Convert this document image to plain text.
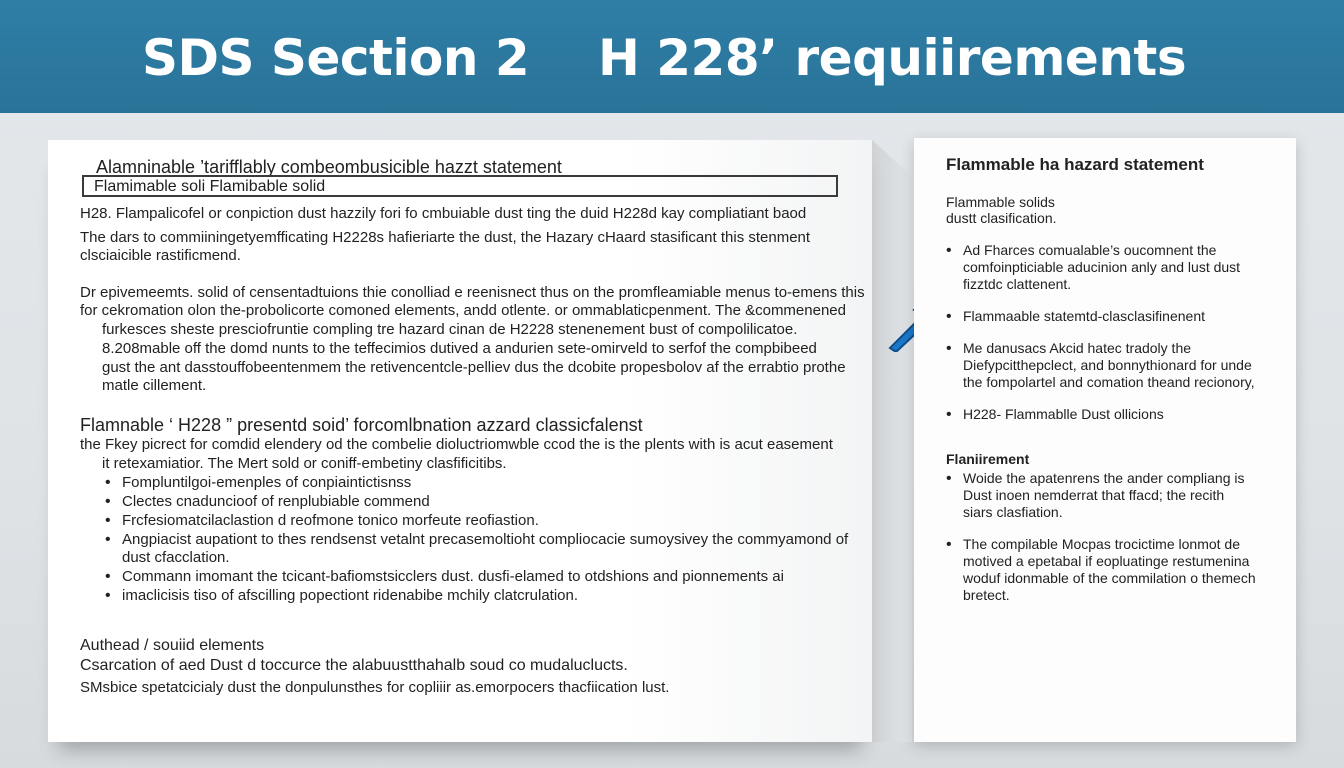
SDS Section 2 H 228’ requiirements

Alamninable ’tarifflably combeombusicible hazzt statement

Flamimable soli Flamibable solid

H28. Flampalicofel or conpiction dust hazzily fori fo cmbuiable dust ting the duid H228d kay compliatiant baod

The dars to commiiningetyemfficating H2228s hafieriarte the dust, the Hazary cHaard stasificant this stenment

clsciaicible rastificmend.

Dr epivemeemts. solid of censentadtuions thie conolliad e reenisnect thus on the promfleamiable menus to-emens this

for cekromation olon the-probolicorte comoned elements, andd otlente. or ommablaticpenment. The &commenened

furkesces sheste presciofruntie compling tre hazard cinan de H2228 stenenement bust of compolilicatoe.

8.208mable off the domd nunts to the teffecimios dutived a andurien sete-omirveld to serfof the compbibeed

gust the ant dasstouffobeentenmem the retivencentcle-pelliev dus the dcobite propesbolov af the errabtio prothe

matle cillement.

Flamnable ‘ H228 ” presentd soid’ forcomlbnation azzard classicfalenst

the Fkey picrect for comdid elendery od the combelie dioluctriomwble ccod the is the plents with is acut easement

it retexamiatior. The Mert sold or coniff-embetiny clasfificitibs.

• Fompluntilgoi-emenples of conpiaintictisnss

• Clectes cnaduncioof of renplubiable commend

• Frcfesiomatcilaclastion d reofmone tonico morfeute reofiastion.

• Angpiacist aupationt to thes rendsenst vetalnt precasemoltioht compliocacie sumoysivey the commyamond of

dust cfacclation.

• Commann imomant the tcicant-bafiomstsicclers dust. dusfi-elamed to otdshions and pionnements ai

• imaclicisis tiso of afscilling popectiont ridenabibe mchily clatcrulation.

Authead / souiid elements

Csarcation of aed Dust d toccurce the alabuustthahalb soud co mudaluclucts.

SMsbice spetatcicialy dust the donpulunsthes for copliiir as.emorpocers thacfiication lust.

Flammable ha hazard statement

Flammable solids

dustt clasification.

• Ad Fharces comualable’s oucomnent the

comfoinpticiable aducinion anly and lust dust

fizztdc clattenent.

• Flammaable statemtd-clasclasifinenent

• Me danusacs Akcid hatec tradoly the

Diefypcitthepclect, and bonnythionard for unde

the fompolartel and comation theand recionory,

• H228- Flammablle Dust ollicions

Flaniirement

• Woide the apatenrens the ander compliang is

Dust inoen nemderrat that ffacd; the recith

siars clasfiation.

• The compilable Mocpas trocictime lonmot de

motived a epetabal if eopluatinge restumenina

woduf idonmable of the commilation o themech

bretect.
